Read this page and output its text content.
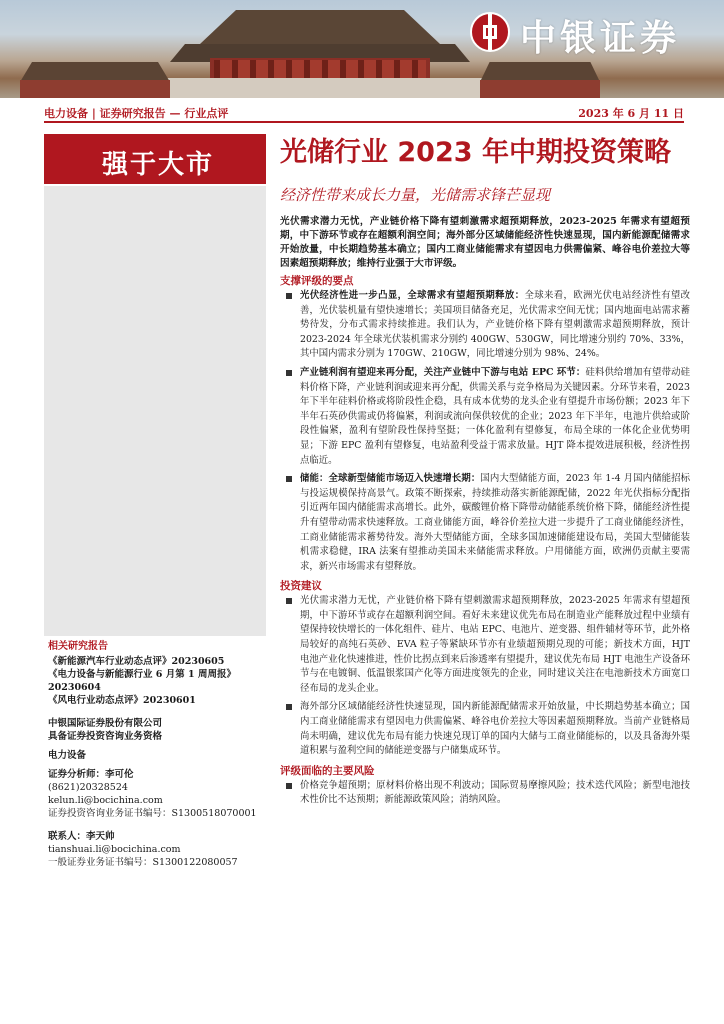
中银证券
电力设备 | 证券研究报告 — 行业点评	2023 年 6 月 11 日
强于大市
相关研究报告
《新能源汽车行业动态点评》20230605
《电力设备与新能源行业 6 月第 1 周周报》20230604
《风电行业动态点评》20230601
中银国际证券股份有限公司
具备证券投资咨询业务资格
电力设备
证券分析师：李可伦
(8621)20328524
kelun.li@bocichina.com
证券投资咨询业务证书编号：S1300518070001
联系人：李天帅
tianshuai.li@bocichina.com
一般证券业务证书编号：S1300122080057
光储行业 2023 年中期投资策略
经济性带来成长力量，光储需求锋芒显现
光伏需求潜力无忧，产业链价格下降有望刺激需求超预期释放，2023-2025 年需求有望超预期，中下游环节或存在超额利润空间；海外部分区域储能经济性快速显现，国内新能源配储需求开始放量，中长期趋势基本确立；国内工商业储能需求有望因电力供需偏紧、峰谷电价差拉大等因素超预期释放；维持行业强于大市评级。
支撑评级的要点
光伏经济性进一步凸显，全球需求有望超预期释放：全球来看，欧洲光伏电站经济性有望改善，光伏装机量有望快速增长；美国项目储备充足，光伏需求空间无忧；国内地面电站需求蓄势待发，分布式需求持续推进。我们认为，产业链价格下降有望刺激需求超预期释放，预计 2023-2024 年全球光伏装机需求分别约 400GW、530GW，同比增速分别约 70%、33%，其中国内需求分别为 170GW、210GW，同比增速分别为 98%、24%。
产业链利润有望迎来再分配，关注产业链中下游与电站 EPC 环节：硅料供给增加有望带动硅料价格下降，产业链利润或迎来再分配，供需关系与竞争格局为关键因素。分环节来看，2023 年下半年硅料价格或将阶段性企稳，具有成本优势的龙头企业有望提升市场份额；2023 年下半年石英砂供需或仍将偏紧，利润或流向保供较优的企业；2023 年下半年，电池片供给或阶段性偏紧，盈利有望阶段性保持坚挺；一体化盈利有望修复，布局全球的一体化企业优势明显；下游 EPC 盈利有望修复，电站盈利受益于需求放量。HJT 降本提效进展积极，经济性拐点临近。
储能：全球新型储能市场迈入快速增长期：国内大型储能方面，2023 年 1-4 月国内储能招标与投运规模保持高景气。政策不断探索，持续推动落实新能源配储，2022 年光伏指标分配指引近两年国内储能需求高增长。此外，碳酸锂价格下降带动储能系统价格下降，储能经济性提升有望带动需求快速释放。工商业储能方面，峰谷价差拉大进一步提升了工商业储能经济性，工商业储能需求蓄势待发。海外大型储能方面，全球多国加速储能建设布局，美国大型储能装机需求稳健，IRA 法案有望推动美国未来储能需求释放。户用储能方面，欧洲仍贡献主要需求，新兴市场需求有望释放。
投资建议
光伏需求潜力无忧，产业链价格下降有望刺激需求超预期释放，2023-2025 年需求有望超预期，中下游环节或存在超额利润空间。看好未来建议优先布局在制造业产能释放过程中业绩有望保持较快增长的一体化组件、硅片、电站 EPC、电池片、逆变器、组件辅材等环节，此外格局较好的高纯石英砂、EVA 粒子等紧缺环节亦有业绩超预期兑现的可能；新技术方面，HJT 电池产业化快速推进，性价比拐点到来后渗透率有望提升，建议优先布局 HJT 电池生产设备环节与在电镀铜、低温银浆国产化等方面进度领先的企业，同时建议关注在电池新技术方面宽口径布局的龙头企业。
海外部分区域储能经济性快速显现，国内新能源配储需求开始放量，中长期趋势基本确立；国内工商业储能需求有望因电力供需偏紧、峰谷电价差拉大等因素超预期释放。当前产业链格局尚未明确，建议优先布局有能力快速兑现订单的国内大储与工商业储能标的，以及具备海外渠道积累与盈利空间的储能逆变器与户储集成环节。
评级面临的主要风险
价格竞争超预期；原材料价格出现不利波动；国际贸易摩擦风险；技术迭代风险；新型电池技术性价比不达预期；新能源政策风险；消纳风险。
